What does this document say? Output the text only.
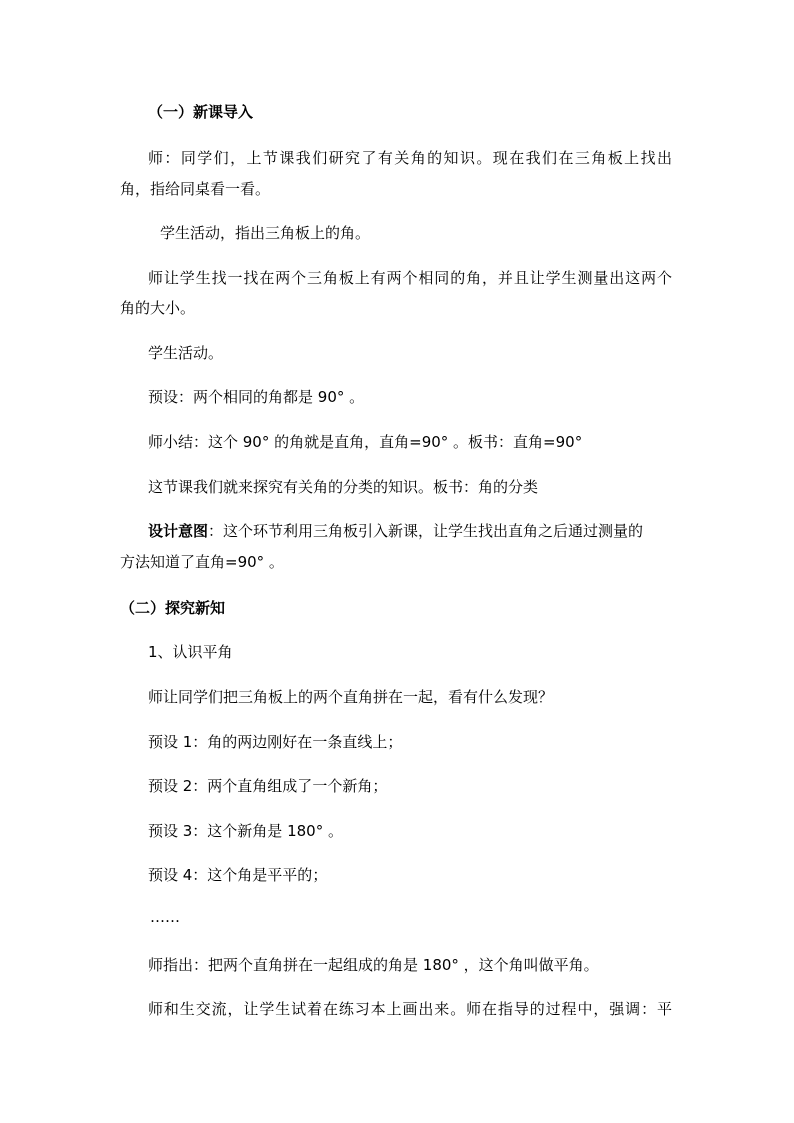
（一）新课导入
师：同学们，上节课我们研究了有关角的知识。现在我们在三角板上找出
角，指给同桌看一看。
学生活动，指出三角板上的角。
师让学生找一找在两个三角板上有两个相同的角，并且让学生测量出这两个
角的大小。
学生活动。
预设：两个相同的角都是 90° 。
师小结：这个 90° 的角就是直角，直角=90° 。板书：直角=90°
这节课我们就来探究有关角的分类的知识。板书：角的分类
设计意图：这个环节利用三角板引入新课，让学生找出直角之后通过测量的
方法知道了直角=90° 。
（二）探究新知
1、认识平角
师让同学们把三角板上的两个直角拼在一起，看有什么发现？
预设 1：角的两边刚好在一条直线上；
预设 2：两个直角组成了一个新角；
预设 3：这个新角是 180° 。
预设 4：这个角是平平的；
……
师指出：把两个直角拼在一起组成的角是 180° ，这个角叫做平角。
师和生交流，让学生试着在练习本上画出来。师在指导的过程中，强调：平
